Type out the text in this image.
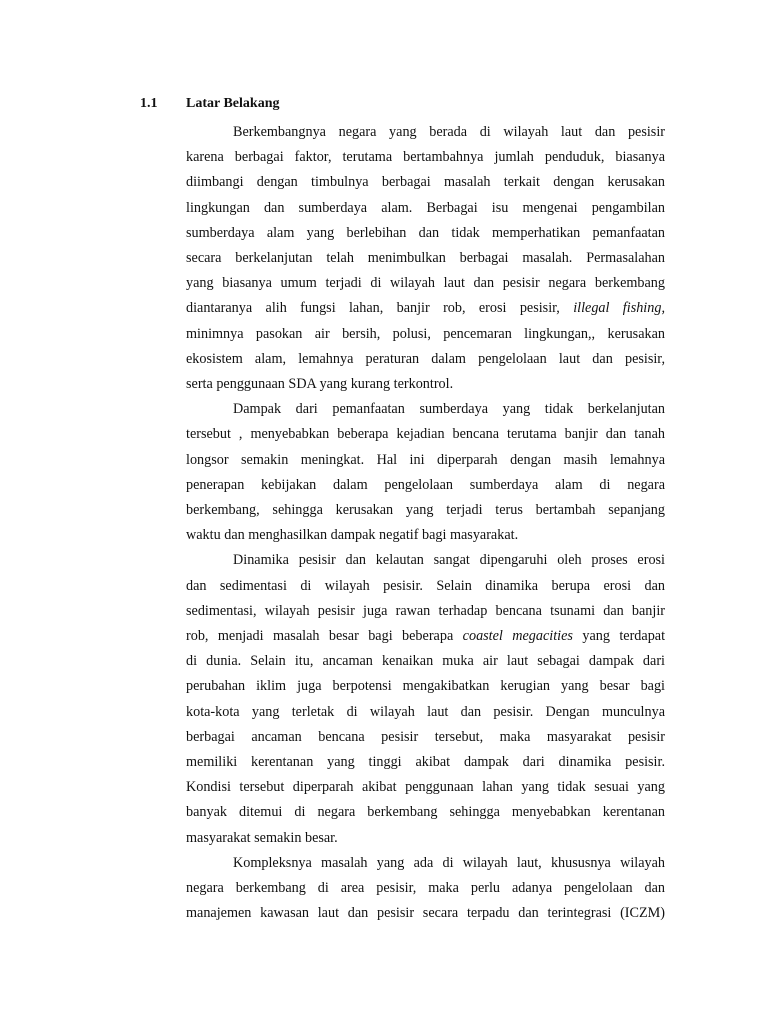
1.1 Latar Belakang
Berkembangnya negara yang berada di wilayah laut dan pesisir
karena berbagai faktor, terutama bertambahnya jumlah penduduk, biasanya
diimbangi dengan timbulnya berbagai masalah terkait dengan kerusakan
lingkungan dan sumberdaya alam. Berbagai isu mengenai pengambilan
sumberdaya alam yang berlebihan dan tidak memperhatikan pemanfaatan
secara berkelanjutan telah menimbulkan berbagai masalah. Permasalahan
yang biasanya umum terjadi di wilayah laut dan pesisir negara berkembang
diantaranya alih fungsi lahan, banjir rob, erosi pesisir, illegal fishing,
minimnya pasokan air bersih, polusi, pencemaran lingkungan,, kerusakan
ekosistem alam, lemahnya peraturan dalam pengelolaan laut dan pesisir,
serta penggunaan SDA yang kurang terkontrol.
Dampak dari pemanfaatan sumberdaya yang tidak berkelanjutan
tersebut , menyebabkan beberapa kejadian bencana terutama banjir dan tanah
longsor semakin meningkat. Hal ini diperparah dengan masih lemahnya
penerapan kebijakan dalam pengelolaan sumberdaya alam di negara
berkembang, sehingga kerusakan yang terjadi terus bertambah sepanjang
waktu dan menghasilkan dampak negatif bagi masyarakat.
Dinamika pesisir dan kelautan sangat dipengaruhi oleh proses erosi
dan sedimentasi di wilayah pesisir. Selain dinamika berupa erosi dan
sedimentasi, wilayah pesisir juga rawan terhadap bencana tsunami dan banjir
rob, menjadi masalah besar bagi beberapa coastel megacities yang terdapat
di dunia. Selain itu, ancaman kenaikan muka air laut sebagai dampak dari
perubahan iklim juga berpotensi mengakibatkan kerugian yang besar bagi
kota-kota yang terletak di wilayah laut dan pesisir. Dengan munculnya
berbagai ancaman bencana pesisir tersebut, maka masyarakat pesisir
memiliki kerentanan yang tinggi akibat dampak dari dinamika pesisir.
Kondisi tersebut diperparah akibat penggunaan lahan yang tidak sesuai yang
banyak ditemui di negara berkembang sehingga menyebabkan kerentanan
masyarakat semakin besar.
Kompleksnya masalah yang ada di wilayah laut, khususnya wilayah
negara berkembang di area pesisir, maka perlu adanya pengelolaan dan
manajemen kawasan laut dan pesisir secara terpadu dan terintegrasi (ICZM)
